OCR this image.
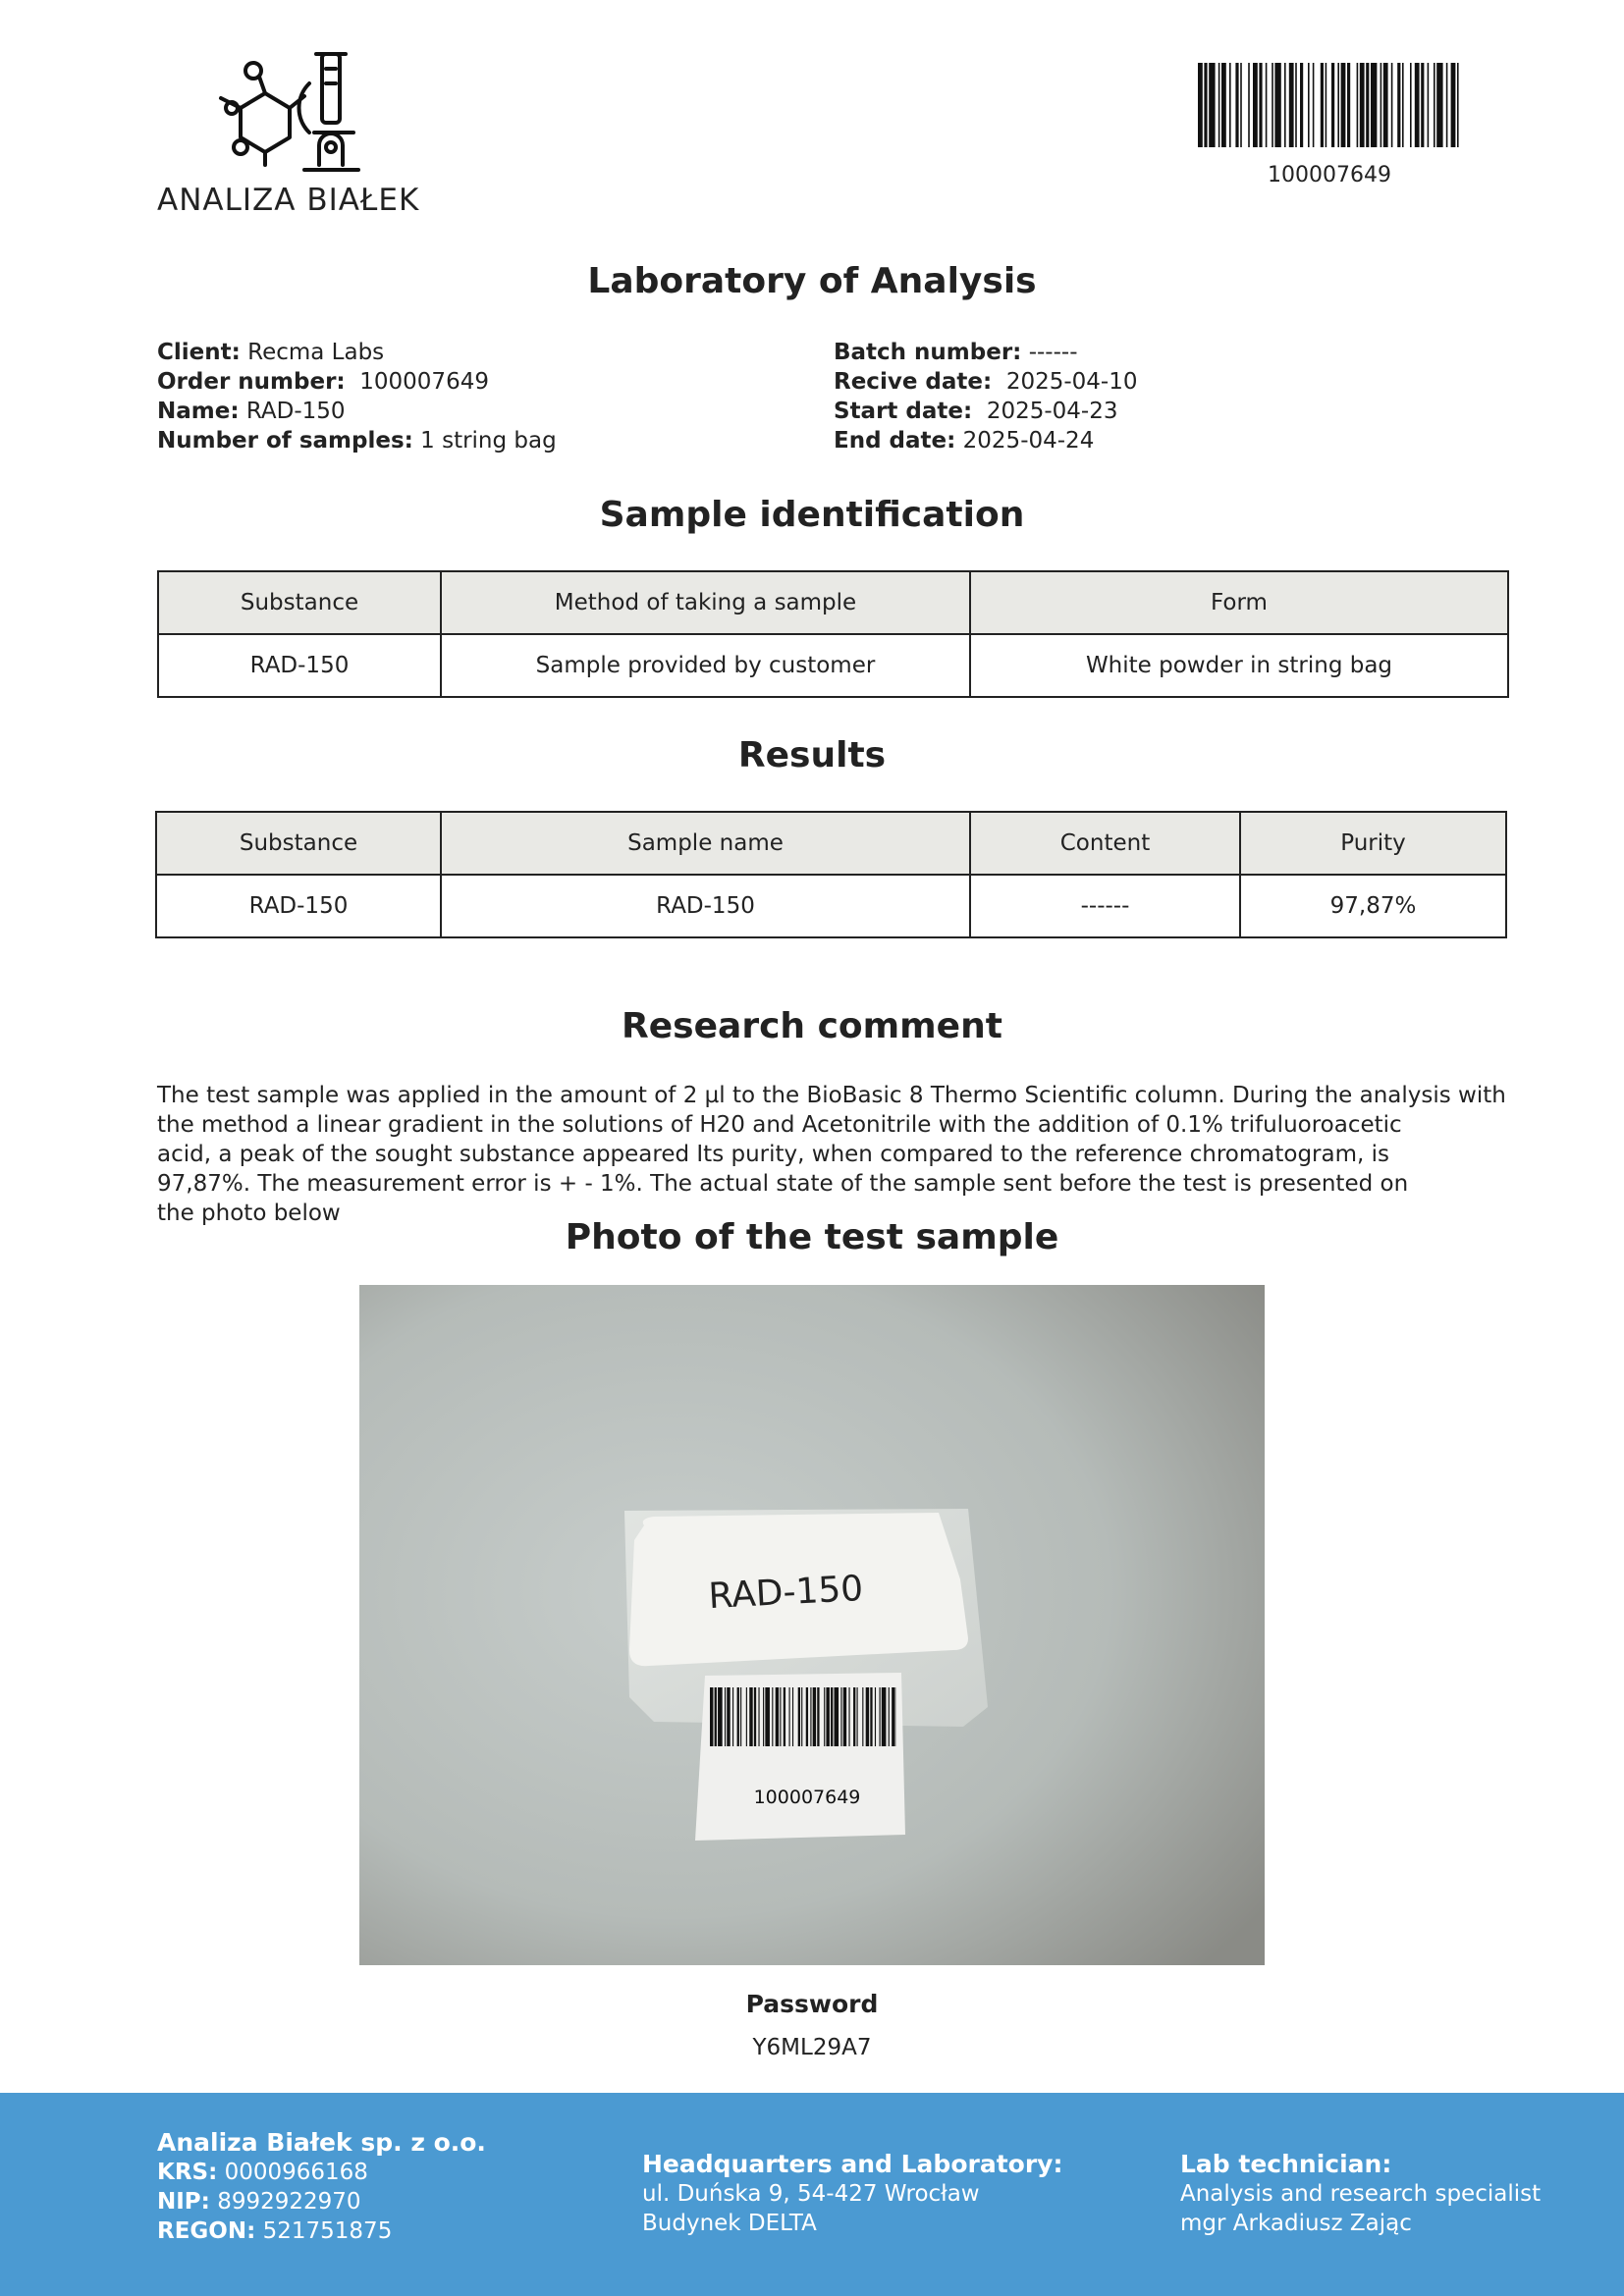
ANALIZA BIAŁEK
100007649
Laboratory of Analysis
Client: Recma Labs
Order number: 100007649
Name: RAD-150
Number of samples: 1 string bag
Batch number: ------
Recive date: 2025-04-10
Start date: 2025-04-23
End date: 2025-04-24
Sample identification
Substance	Method of taking a sample	Form
RAD-150	Sample provided by customer	White powder in string bag
Results
Substance	Sample name	Content	Purity
RAD-150	RAD-150	------	97,87%
Research comment
The test sample was applied in the amount of 2 µl to the BioBasic 8 Thermo Scientific column. During the analysis with
the method a linear gradient in the solutions of H20 and Acetonitrile with the addition of 0.1% trifuluoroacetic
acid, a peak of the sought substance appeared Its purity, when compared to the reference chromatogram, is
97,87%. The measurement error is + - 1%. The actual state of the sample sent before the test is presented on
the photo below
Photo of the test sample
RAD-150
100007649
Password
Y6ML29A7
Analiza Białek sp. z o.o.
KRS: 0000966168
NIP: 8992922970
REGON: 521751875
Headquarters and Laboratory:
ul. Duńska 9, 54-427 Wrocław
Budynek DELTA
Lab technician:
Analysis and research specialist
mgr Arkadiusz Zając
